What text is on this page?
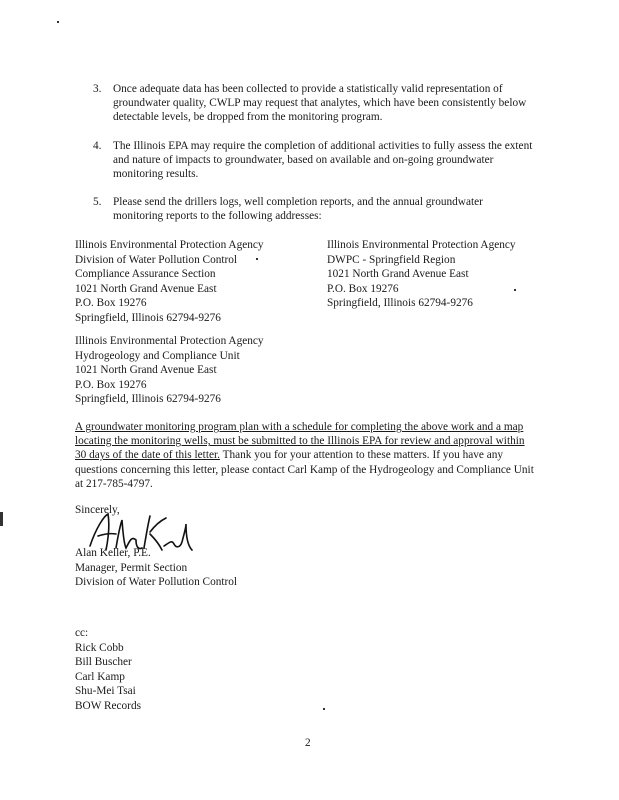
3. Once adequate data has been collected to provide a statistically valid representation of groundwater quality, CWLP may request that analytes, which have been consistently below detectable levels, be dropped from the monitoring program.
4. The Illinois EPA may require the completion of additional activities to fully assess the extent and nature of impacts to groundwater, based on available and on-going groundwater monitoring results.
5. Please send the drillers logs, well completion reports, and the annual groundwater monitoring reports to the following addresses:
Illinois Environmental Protection Agency
Division of Water Pollution Control
Compliance Assurance Section
1021 North Grand Avenue East
P.O. Box 19276
Springfield, Illinois 62794-9276
Illinois Environmental Protection Agency
DWPC - Springfield Region
1021 North Grand Avenue East
P.O. Box 19276
Springfield, Illinois 62794-9276
Illinois Environmental Protection Agency
Hydrogeology and Compliance Unit
1021 North Grand Avenue East
P.O. Box 19276
Springfield, Illinois 62794-9276
A groundwater monitoring program plan with a schedule for completing the above work and a map locating the monitoring wells, must be submitted to the Illinois EPA for review and approval within 30 days of the date of this letter. Thank you for your attention to these matters. If you have any questions concerning this letter, please contact Carl Kamp of the Hydrogeology and Compliance Unit at 217-785-4797.
Sincerely,
Alan Keller, P.E.
Manager, Permit Section
Division of Water Pollution Control
cc:
Rick Cobb
Bill Buscher
Carl Kamp
Shu-Mei Tsai
BOW Records
2
